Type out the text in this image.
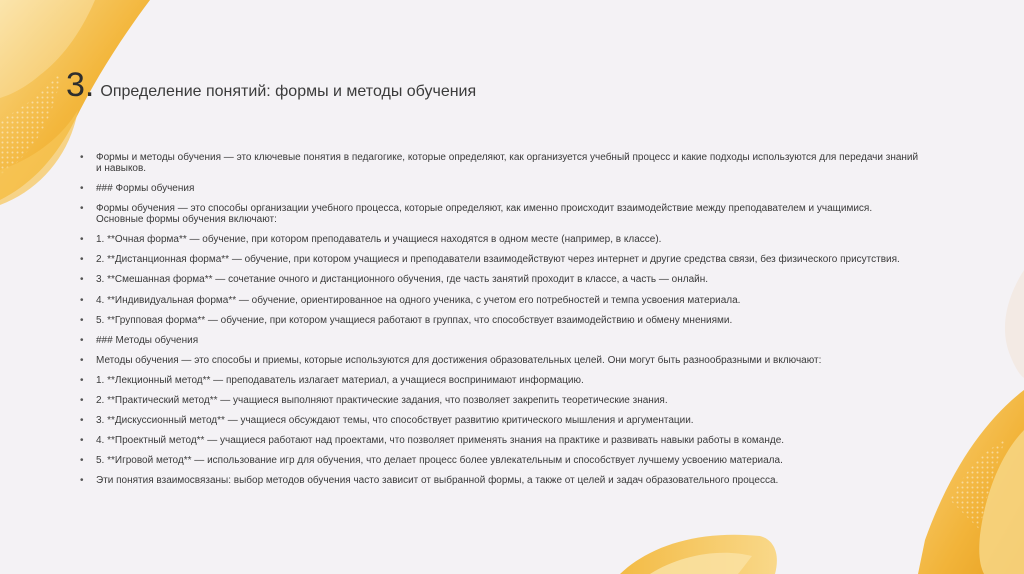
3 . Определение понятий: формы и методы обучения
• Формы и методы обучения — это ключевые понятия в педагогике, которые определяют, как организуется учебный процесс и какие подходы используются для передачи знаний и навыков.
• ### Формы обучения
• Формы обучения — это способы организации учебного процесса, которые определяют, как именно происходит взаимодействие между преподавателем и учащимися. Основные формы обучения включают:
• 1. **Очная форма** — обучение, при котором преподаватель и учащиеся находятся в одном месте (например, в классе).
• 2. **Дистанционная форма** — обучение, при котором учащиеся и преподаватели взаимодействуют через интернет и другие средства связи, без физического присутствия.
• 3. **Смешанная форма** — сочетание очного и дистанционного обучения, где часть занятий проходит в классе, а часть — онлайн.
• 4. **Индивидуальная форма** — обучение, ориентированное на одного ученика, с учетом его потребностей и темпа усвоения материала.
• 5. **Групповая форма** — обучение, при котором учащиеся работают в группах, что способствует взаимодействию и обмену мнениями.
• ### Методы обучения
• Методы обучения — это способы и приемы, которые используются для достижения образовательных целей. Они могут быть разнообразными и включают:
• 1. **Лекционный метод** — преподаватель излагает материал, а учащиеся воспринимают информацию.
• 2. **Практический метод** — учащиеся выполняют практические задания, что позволяет закрепить теоретические знания.
• 3. **Дискуссионный метод** — учащиеся обсуждают темы, что способствует развитию критического мышления и аргументации.
• 4. **Проектный метод** — учащиеся работают над проектами, что позволяет применять знания на практике и развивать навыки работы в команде.
• 5. **Игровой метод** — использование игр для обучения, что делает процесс более увлекательным и способствует лучшему усвоению материала.
• Эти понятия взаимосвязаны: выбор методов обучения часто зависит от выбранной формы, а также от целей и задач образовательного процесса.
